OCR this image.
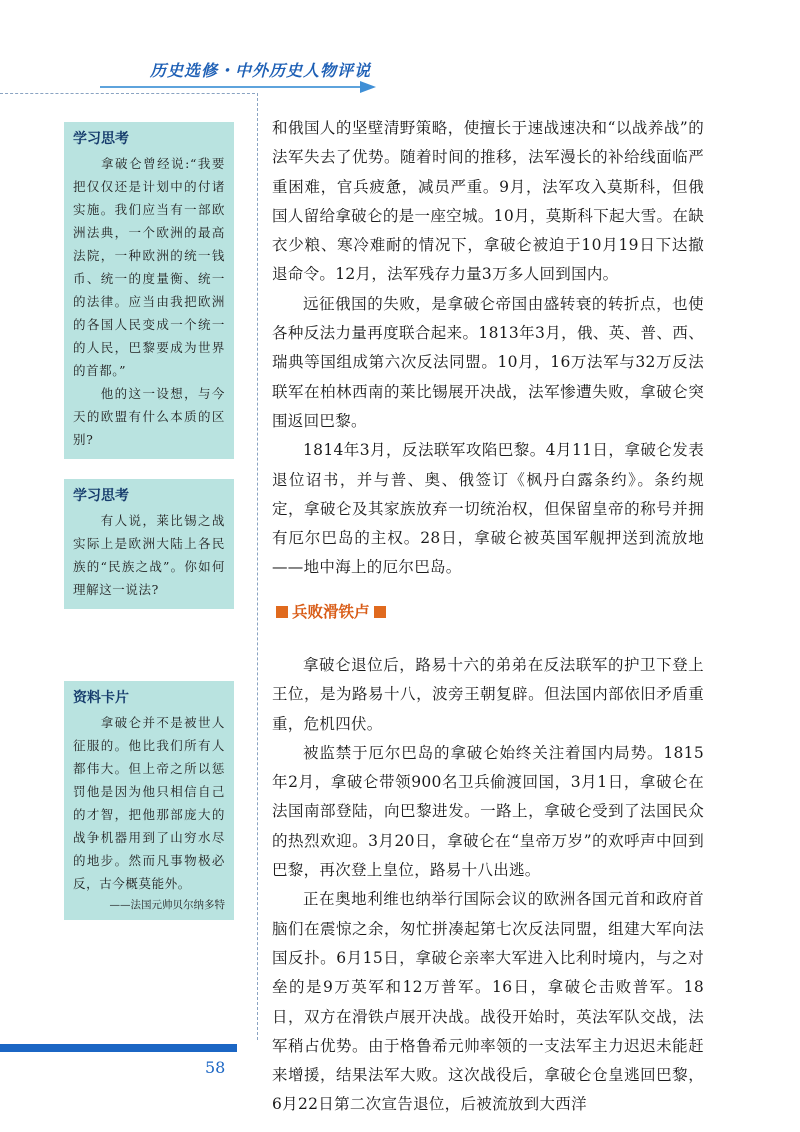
历史选修・中外历史人物评说
学习思考
　　拿破仑曾经说:“我要把仅仅还是计划中的付诸实施。我们应当有一部欧洲法典，一个欧洲的最高法院，一种欧洲的统一钱币、统一的度量衡、统一的法律。应当由我把欧洲的各国人民变成一个统一的人民，巴黎要成为世界的首都。”
　　他的这一设想，与今天的欧盟有什么本质的区别?
学习思考
　　有人说，莱比锡之战实际上是欧洲大陆上各民族的“民族之战”。你如何理解这一说法?
资料卡片
　　拿破仑并不是被世人征服的。他比我们所有人都伟大。但上帝之所以惩罚他是因为他只相信自己的才智，把他那部庞大的战争机器用到了山穷水尽的地步。然而凡事物极必反，古今概莫能外。
——法国元帅贝尔纳多特

和俄国人的坚壁清野策略，使擅长于速战速决和“以战养战”的法军失去了优势。随着时间的推移，法军漫长的补给线面临严重困难，官兵疲惫，减员严重。9月，法军攻入莫斯科，但俄国人留给拿破仑的是一座空城。10月，莫斯科下起大雪。在缺衣少粮、寒冷难耐的情况下，拿破仑被迫于10月19日下达撤退命令。12月，法军残存力量3万多人回到国内。

远征俄国的失败，是拿破仑帝国由盛转衰的转折点，也使各种反法力量再度联合起来。1813年3月，俄、英、普、西、瑞典等国组成第六次反法同盟。10月，16万法军与32万反法联军在柏林西南的莱比锡展开决战，法军惨遭失败，拿破仑突围返回巴黎。

1814年3月，反法联军攻陷巴黎。4月11日，拿破仑发表退位诏书，并与普、奥、俄签订《枫丹白露条约》。条约规定，拿破仑及其家族放弃一切统治权，但保留皇帝的称号并拥有厄尔巴岛的主权。28日，拿破仑被英国军舰押送到流放地——地中海上的厄尔巴岛。

兵败滑铁卢

拿破仑退位后，路易十六的弟弟在反法联军的护卫下登上王位，是为路易十八，波旁王朝复辟。但法国内部依旧矛盾重重，危机四伏。

被监禁于厄尔巴岛的拿破仑始终关注着国内局势。1815年2月，拿破仑带领900名卫兵偷渡回国，3月1日，拿破仑在法国南部登陆，向巴黎进发。一路上，拿破仑受到了法国民众的热烈欢迎。3月20日，拿破仑在“皇帝万岁”的欢呼声中回到巴黎，再次登上皇位，路易十八出逃。

正在奥地利维也纳举行国际会议的欧洲各国元首和政府首脑们在震惊之余，匆忙拼凑起第七次反法同盟，组建大军向法国反扑。6月15日，拿破仑亲率大军进入比利时境内，与之对垒的是9万英军和12万普军。16日，拿破仑击败普军。18日，双方在滑铁卢展开决战。战役开始时，英法军队交战，法军稍占优势。由于格鲁希元帅率领的一支法军主力迟迟未能赶来增援，结果法军大败。这次战役后，拿破仑仓皇逃回巴黎，6月22日第二次宣告退位，后被流放到大西洋

58
